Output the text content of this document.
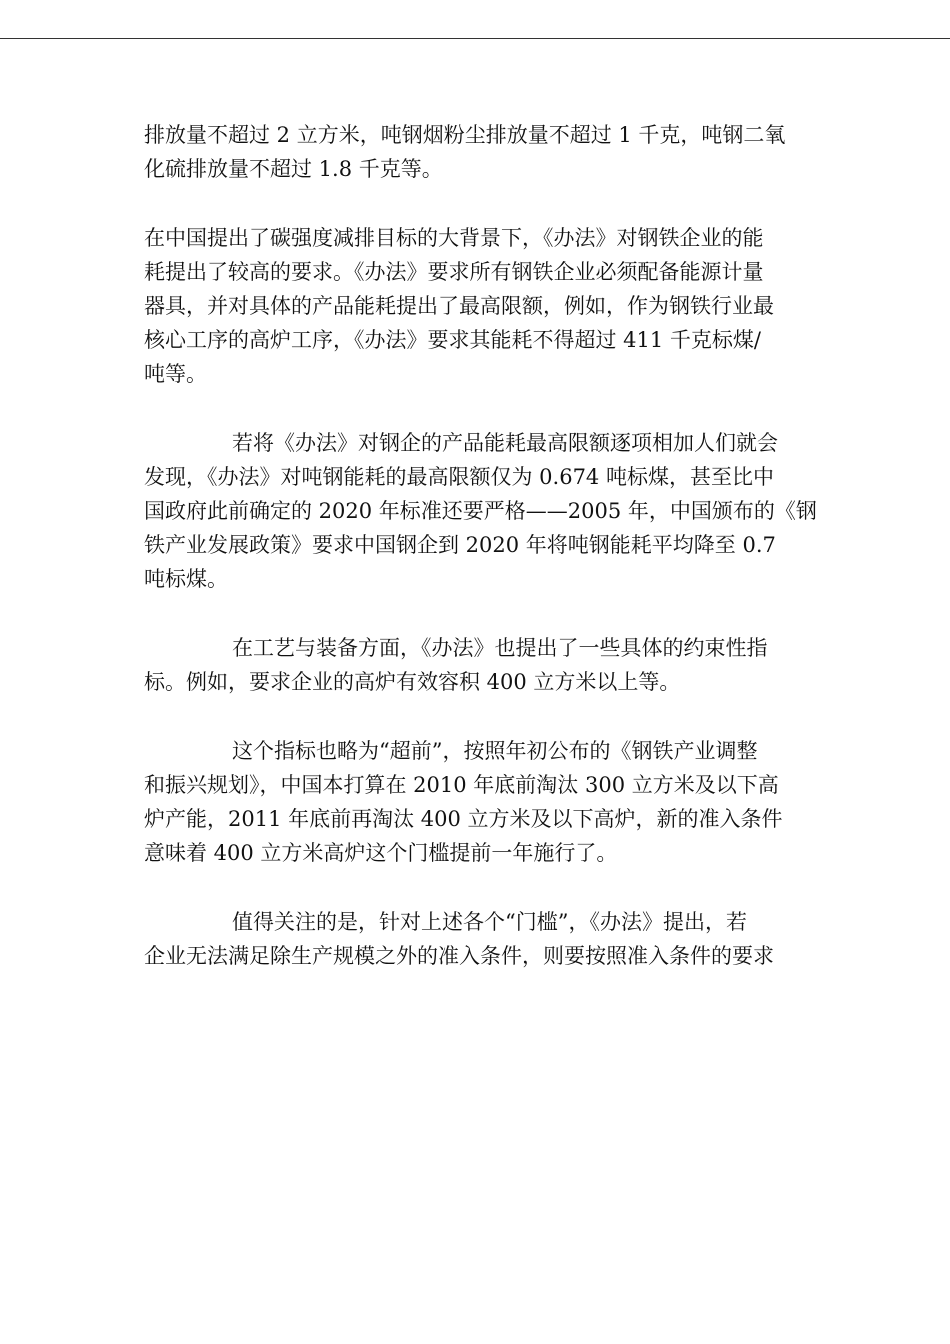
排放量不超过 2 立方米，吨钢烟粉尘排放量不超过 1 千克，吨钢二氧
化硫排放量不超过 1.8 千克等。

在中国提出了碳强度减排目标的大背景下，《办法》对钢铁企业的能
耗提出了较高的要求。《办法》要求所有钢铁企业必须配备能源计量
器具，并对具体的产品能耗提出了最高限额，例如，作为钢铁行业最
核心工序的高炉工序，《办法》要求其能耗不得超过 411 千克标煤/
吨等。

若将《办法》对钢企的产品能耗最高限额逐项相加人们就会
发现，《办法》对吨钢能耗的最高限额仅为 0.674 吨标煤，甚至比中
国政府此前确定的 2020 年标准还要严格——2005 年，中国颁布的《钢
铁产业发展政策》要求中国钢企到 2020 年将吨钢能耗平均降至 0.7
吨标煤。

在工艺与装备方面，《办法》也提出了一些具体的约束性指
标。例如，要求企业的高炉有效容积 400 立方米以上等。

这个指标也略为“超前”，按照年初公布的《钢铁产业调整
和振兴规划》，中国本打算在 2010 年底前淘汰 300 立方米及以下高
炉产能，2011 年底前再淘汰 400 立方米及以下高炉，新的准入条件
意味着 400 立方米高炉这个门槛提前一年施行了。

值得关注的是，针对上述各个“门槛”，《办法》提出，若
企业无法满足除生产规模之外的准入条件，则要按照准入条件的要求
